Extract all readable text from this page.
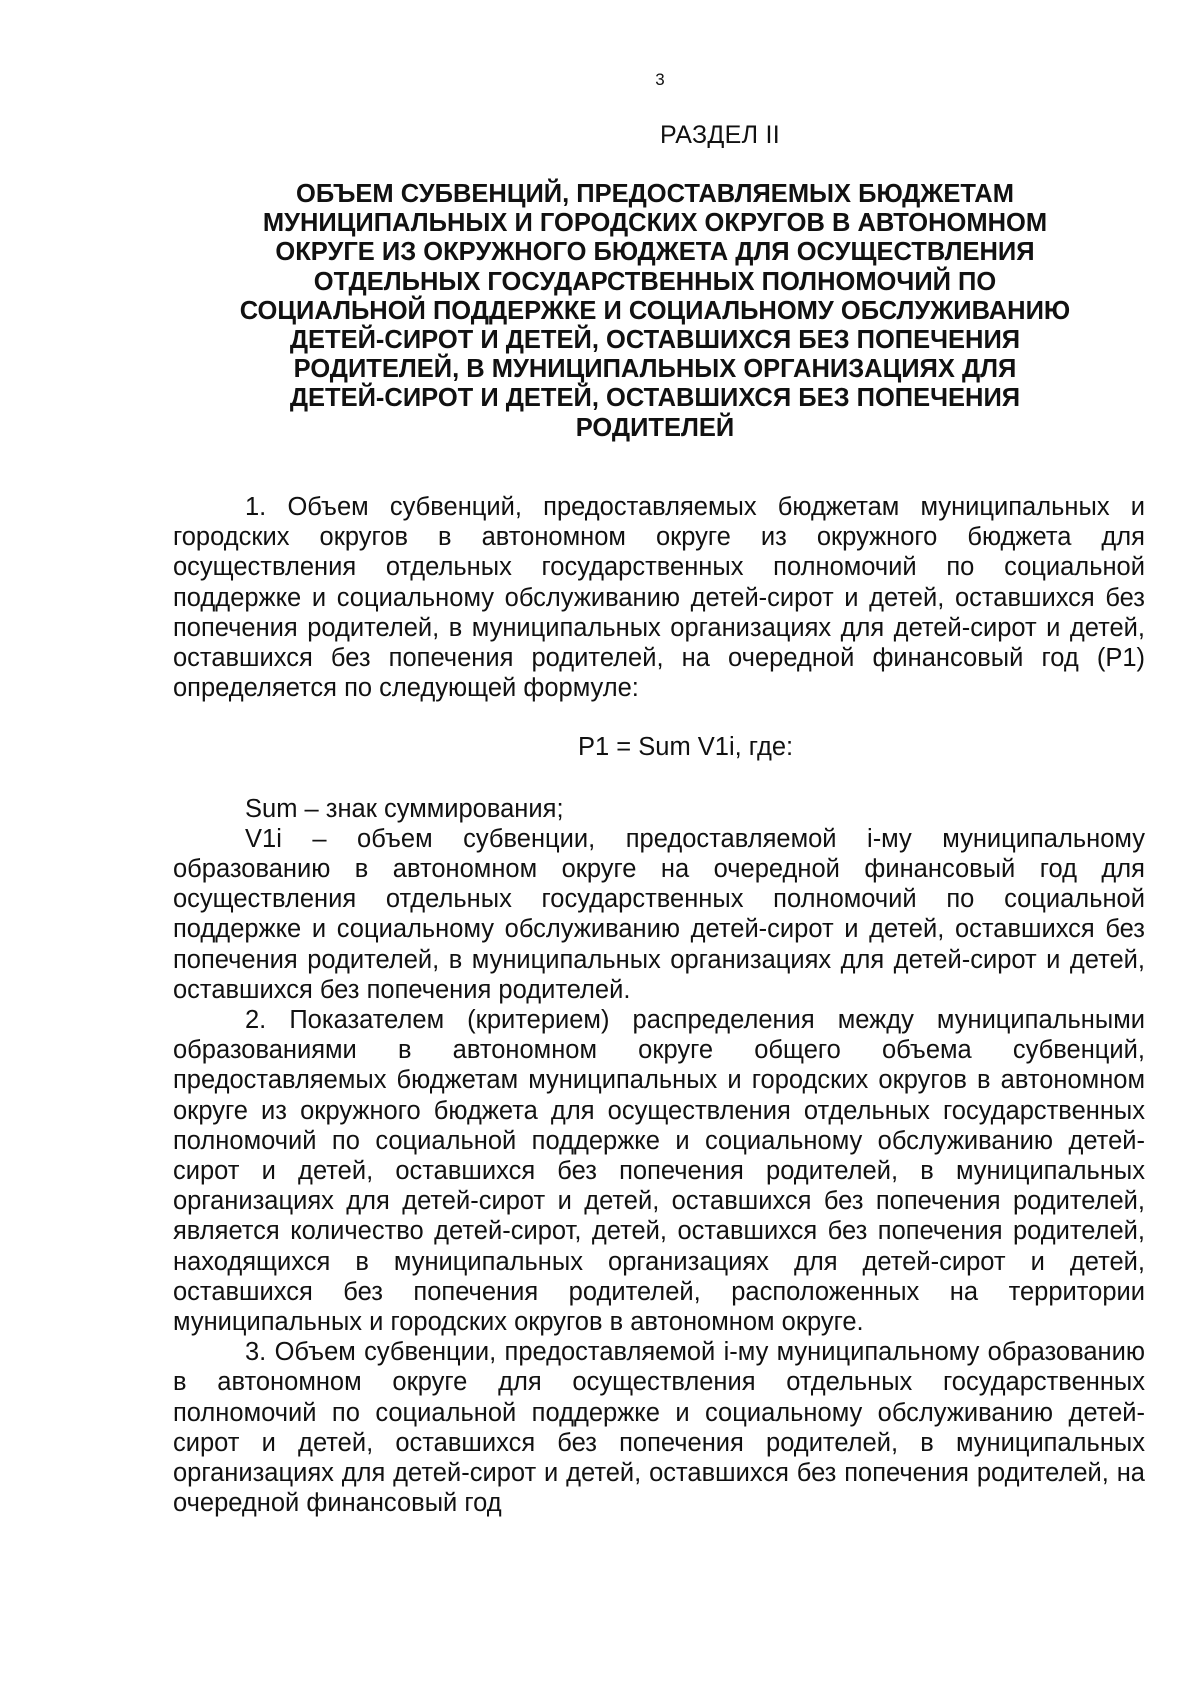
3
РАЗДЕЛ II
ОБЪЕМ СУБВЕНЦИЙ, ПРЕДОСТАВЛЯЕМЫХ БЮДЖЕТАМ
МУНИЦИПАЛЬНЫХ И ГОРОДСКИХ ОКРУГОВ В АВТОНОМНОМ
ОКРУГЕ ИЗ ОКРУЖНОГО БЮДЖЕТА ДЛЯ ОСУЩЕСТВЛЕНИЯ
ОТДЕЛЬНЫХ ГОСУДАРСТВЕННЫХ ПОЛНОМОЧИЙ ПО
СОЦИАЛЬНОЙ ПОДДЕРЖКЕ И СОЦИАЛЬНОМУ ОБСЛУЖИВАНИЮ
ДЕТЕЙ-СИРОТ И ДЕТЕЙ, ОСТАВШИХСЯ БЕЗ ПОПЕЧЕНИЯ
РОДИТЕЛЕЙ, В МУНИЦИПАЛЬНЫХ ОРГАНИЗАЦИЯХ ДЛЯ
ДЕТЕЙ-СИРОТ И ДЕТЕЙ, ОСТАВШИХСЯ БЕЗ ПОПЕЧЕНИЯ
РОДИТЕЛЕЙ

1. Объем субвенций, предоставляемых бюджетам муниципальных и городских округов в автономном округе из окружного бюджета для осуществления отдельных государственных полномочий по социальной поддержке и социальному обслуживанию детей-сирот и детей, оставшихся без попечения родителей, в муниципальных организациях для детей-сирот и детей, оставшихся без попечения родителей, на очередной финансовый год (P1) определяется по следующей формуле:

P1 = Sum V1i, где:

Sum – знак суммирования;

V1i – объем субвенции, предоставляемой i-му муниципальному образованию в автономном округе на очередной финансовый год для осуществления отдельных государственных полномочий по социальной поддержке и социальному обслуживанию детей-сирот и детей, оставшихся без попечения родителей, в муниципальных организациях для детей-сирот и детей, оставшихся без попечения родителей.

2. Показателем (критерием) распределения между муниципальными образованиями в автономном округе общего объема субвенций, предоставляемых бюджетам муниципальных и городских округов в автономном округе из окружного бюджета для осуществления отдельных государственных полномочий по социальной поддержке и социальному обслуживанию детей-сирот и детей, оставшихся без попечения родителей, в муниципальных организациях для детей-сирот и детей, оставшихся без попечения родителей, является количество детей-сирот, детей, оставшихся без попечения родителей, находящихся в муниципальных организациях для детей-сирот и детей, оставшихся без попечения родителей, расположенных на территории муниципальных и городских округов в автономном округе.

3. Объем субвенции, предоставляемой i-му муниципальному образованию в автономном округе для осуществления отдельных государственных полномочий по социальной поддержке и социальному обслуживанию детей-сирот и детей, оставшихся без попечения родителей, в муниципальных организациях для детей-сирот и детей, оставшихся без попечения родителей, на очередной финансовый год
